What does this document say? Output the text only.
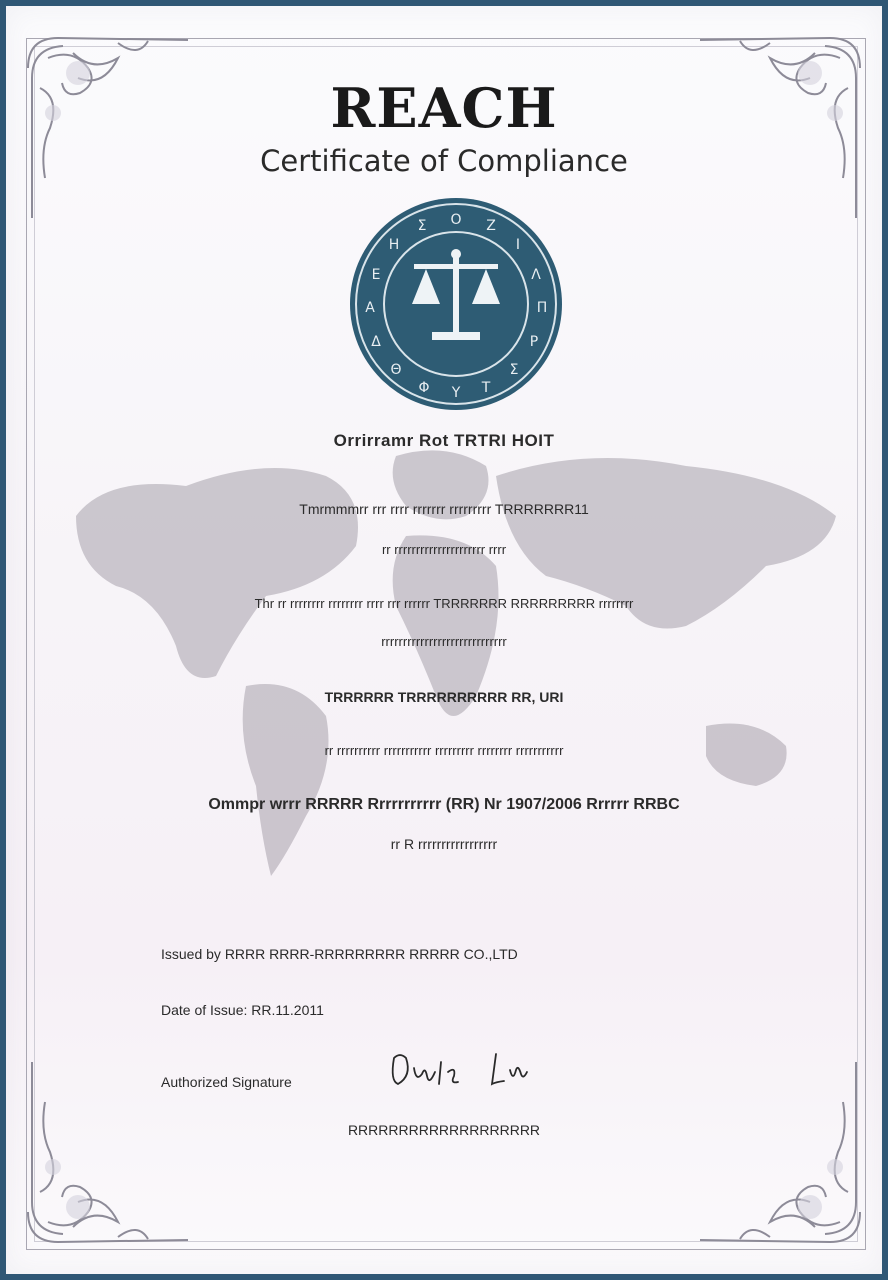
REACH
Certificate of Compliance
Ο Ζ
Ι
Λ
Π
Ρ
Σ
Τ
Υ
Φ
Θ
Δ
Α
Ε
Η
Σ
Orrirramr Rot TRTRI HOIT
Tmrmmmrr rrr rrrr rrrrrrr rrrrrrrrr TRRRRRRR11
rr rrrrrrrrrrrrrrrrrrrrr rrrr
Thr rr rrrrrrrr rrrrrrrr rrrr rrr rrrrrr TRRRRRRR RRRRRRRRR rrrrrrrr
rrrrrrrrrrrrrrrrrrrrrrrrrrrrr
TRRRRRR TRRRRRRRRRR RR, URI
rr rrrrrrrrrr rrrrrrrrrrr rrrrrrrrr rrrrrrrr rrrrrrrrrrr
Ommpr wrrr RRRRR Rrrrrrrrrrr (RR) Nr 1907/2006 Rrrrrr RRBC
rr R rrrrrrrrrrrrrrrrr
Issued by RRRR RRRR-RRRRRRRRR RRRRR CO.,LTD
Date of Issue: RR.11.2011
Authorized Signature
RRRRRRRRRRRRRRRRRRR
